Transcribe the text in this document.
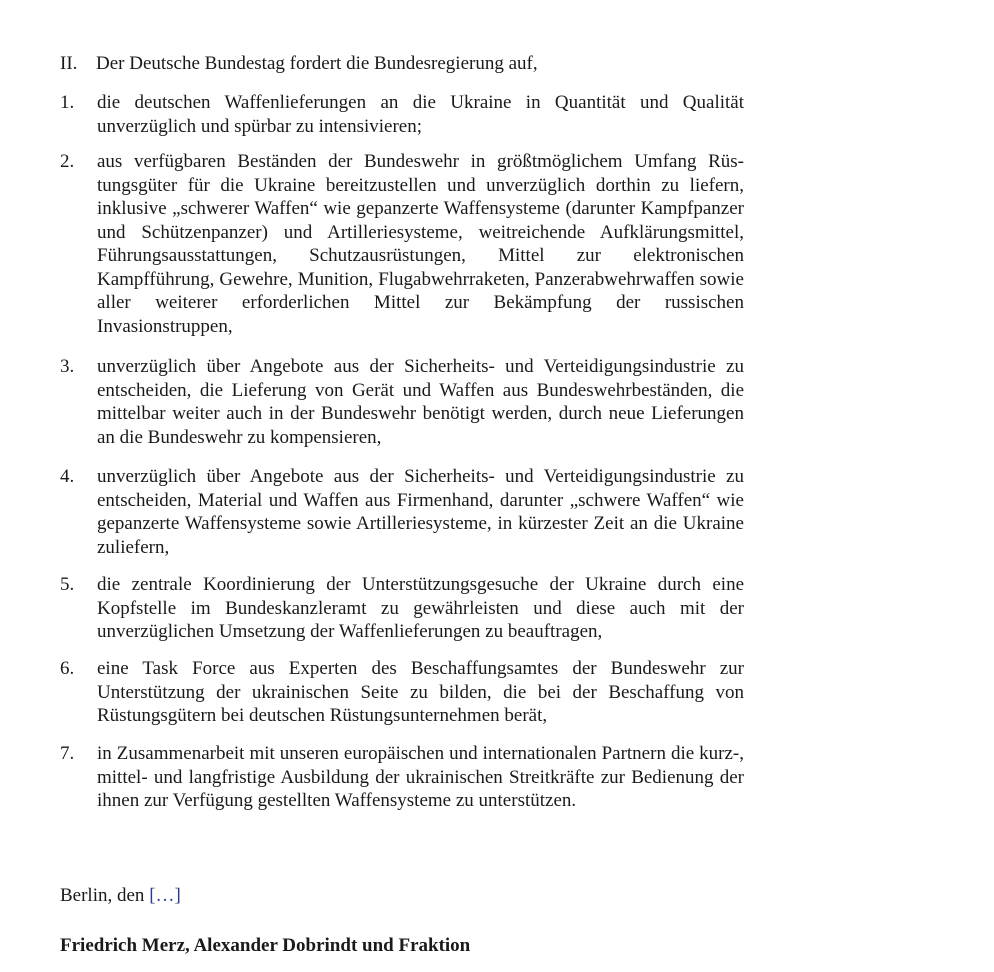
II. Der Deutsche Bundestag fordert die Bundesregierung auf,
1.	die deutschen Waffenlieferungen an die Ukraine in Quantität und Qualität unverzüglich und spürbar zu intensivieren;
2.	aus verfügbaren Beständen der Bundeswehr in größtmöglichem Umfang Rüstungsgüter für die Ukraine bereitzustellen und unverzüglich dorthin zu liefern, inklusive „schwerer Waffen“ wie gepanzerte Waffensysteme (darunter Kampfpanzer und Schützenpanzer) und Artilleriesysteme, weitreichende Aufklärungsmittel, Führungsausstattungen, Schutzausrüstungen, Mittel zur elektronischen Kampfführung, Gewehre, Munition, Flugabwehrraketen, Panzerabwehrwaffen sowie aller weiterer erforderlichen Mittel zur Bekämpfung der russischen Invasionstruppen,
3.	unverzüglich über Angebote aus der Sicherheits- und Verteidigungsindustrie zu entscheiden, die Lieferung von Gerät und Waffen aus Bundeswehrbeständen, die mittelbar weiter auch in der Bundeswehr benötigt werden, durch neue Lieferungen an die Bundeswehr zu kompensieren,
4.	unverzüglich über Angebote aus der Sicherheits- und Verteidigungsindustrie zu entscheiden, Material und Waffen aus Firmenhand, darunter „schwere Waffen“ wie gepanzerte Waffensysteme sowie Artilleriesysteme, in kürzester Zeit an die Ukraine zuliefern,
5.	die zentrale Koordinierung der Unterstützungsgesuche der Ukraine durch eine Kopfstelle im Bundeskanzleramt zu gewährleisten und diese auch mit der unverzüglichen Umsetzung der Waffenlieferungen zu beauftragen,
6.	eine Task Force aus Experten des Beschaffungsamtes der Bundeswehr zur Unterstützung der ukrainischen Seite zu bilden, die bei der Beschaffung von Rüstungsgütern bei deutschen Rüstungsunternehmen berät,
7.	in Zusammenarbeit mit unseren europäischen und internationalen Partnern die kurz-, mittel- und langfristige Ausbildung der ukrainischen Streitkräfte zur Bedienung der ihnen zur Verfügung gestellten Waffensysteme zu unterstützen.
Berlin, den […]
Friedrich Merz, Alexander Dobrindt und Fraktion
